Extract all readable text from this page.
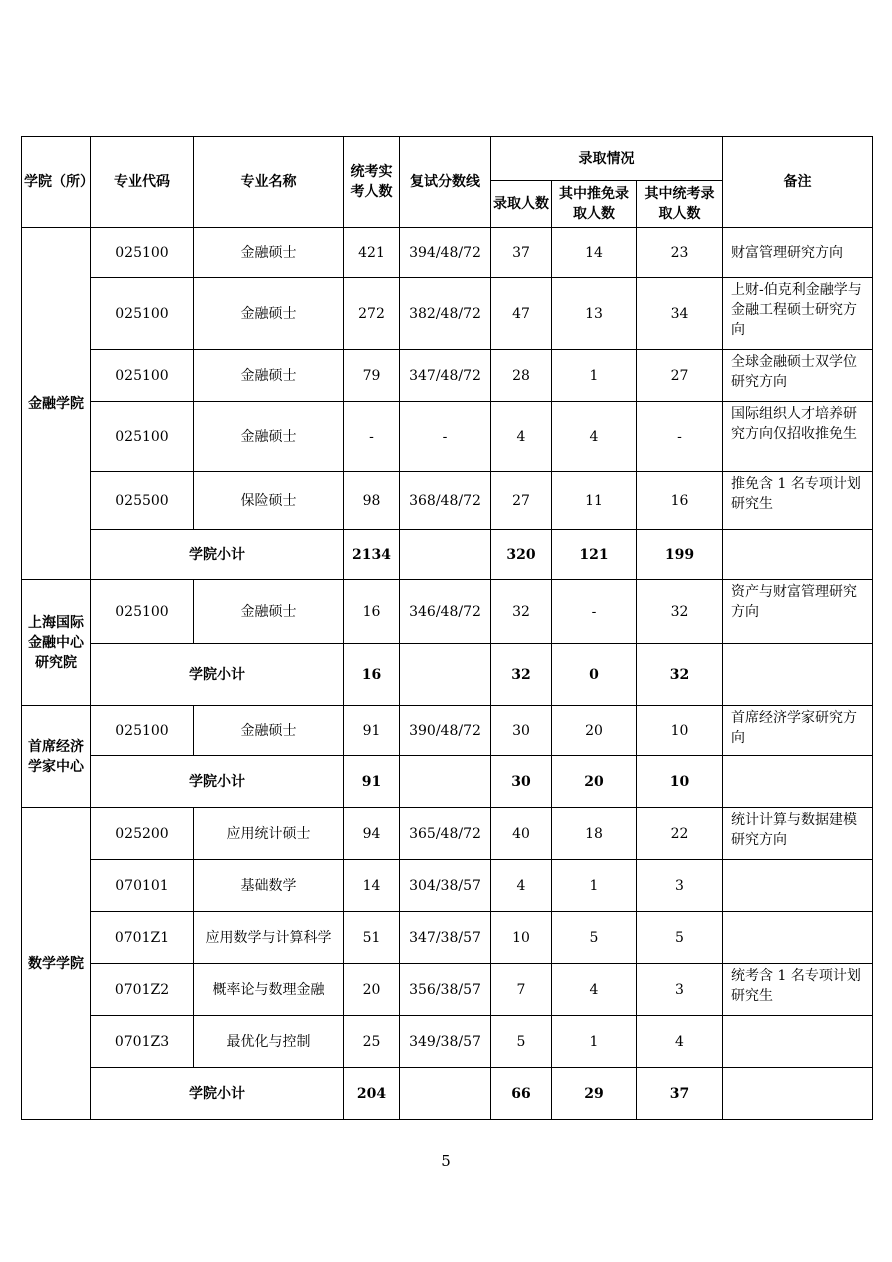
学院（所）	专业代码	专业名称	统考实考人数	复试分数线	录取情况			备注
					录取人数	其中推免录取人数	其中统考录取人数	
金融学院	025100	金融硕士	421	394/48/72	37	14	23	财富管理研究方向
	025100	金融硕士	272	382/48/72	47	13	34	上财-伯克利金融学与金融工程硕士研究方向
	025100	金融硕士	79	347/48/72	28	1	27	全球金融硕士双学位研究方向
	025100	金融硕士	-	-	4	4	-	国际组织人才培养研究方向仅招收推免生
	025500	保险硕士	98	368/48/72	27	11	16	推免含 1 名专项计划研究生
	学院小计		2134		320	121	199	
上海国际金融中心研究院	025100	金融硕士	16	346/48/72	32	-	32	资产与财富管理研究方向
	学院小计		16		32	0	32	
首席经济学家中心	025100	金融硕士	91	390/48/72	30	20	10	首席经济学家研究方向
	学院小计		91		30	20	10	
数学学院	025200	应用统计硕士	94	365/48/72	40	18	22	统计计算与数据建模研究方向
	070101	基础数学	14	304/38/57	4	1	3	
	0701Z1	应用数学与计算科学	51	347/38/57	10	5	5	
	0701Z2	概率论与数理金融	20	356/38/57	7	4	3	统考含 1 名专项计划研究生
	0701Z3	最优化与控制	25	349/38/57	5	1	4	
	学院小计		204		66	29	37	
5
